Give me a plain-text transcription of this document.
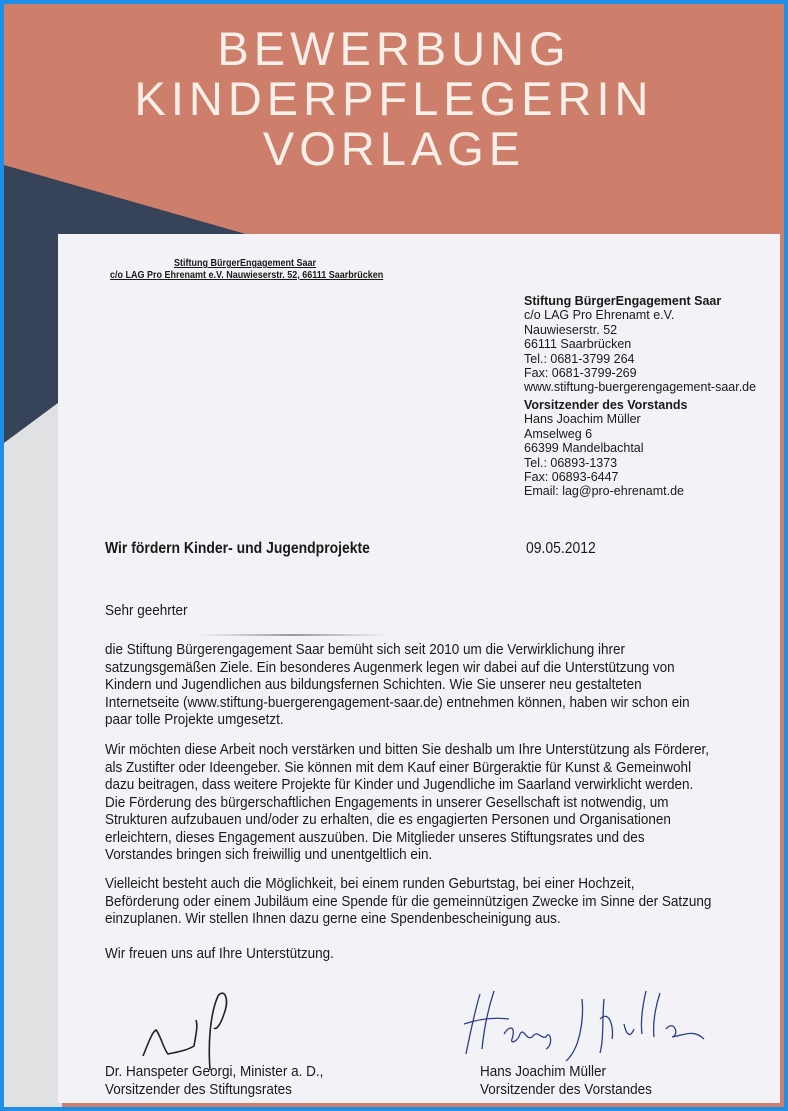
BEWERBUNG
KINDERPFLEGERIN
VORLAGE
Stiftung BürgerEngagement Saar
c/o LAG Pro Ehrenamt e.V. Nauwieserstr. 52, 66111 Saarbrücken
Stiftung BürgerEngagement Saar
c/o LAG Pro Ehrenamt e.V.
Nauwieserstr. 52
66111 Saarbrücken
Tel.: 0681-3799 264
Fax: 0681-3799-269
www.stiftung-buergerengagement-saar.de
Vorsitzender des Vorstands
Hans Joachim Müller
Amselweg 6
66399 Mandelbachtal
Tel.: 06893-1373
Fax: 06893-6447
Email: lag@pro-ehrenamt.de
Wir fördern Kinder- und Jugendprojekte	09.05.2012
Sehr geehrter
die Stiftung Bürgerengagement Saar bemüht sich seit 2010 um die Verwirklichung ihrer
satzungsgemäßen Ziele. Ein besonderes Augenmerk legen wir dabei auf die Unterstützung von
Kindern und Jugendlichen aus bildungsfernen Schichten. Wie Sie unserer neu gestalteten
Internetseite (www.stiftung-buergerengagement-saar.de) entnehmen können, haben wir schon ein
paar tolle Projekte umgesetzt.
Wir möchten diese Arbeit noch verstärken und bitten Sie deshalb um Ihre Unterstützung als Förderer,
als Zustifter oder Ideengeber. Sie können mit dem Kauf einer Bürgeraktie für Kunst & Gemeinwohl
dazu beitragen, dass weitere Projekte für Kinder und Jugendliche im Saarland verwirklicht werden.
Die Förderung des bürgerschaftlichen Engagements in unserer Gesellschaft ist notwendig, um
Strukturen aufzubauen und/oder zu erhalten, die es engagierten Personen und Organisationen
erleichtern, dieses Engagement auszuüben. Die Mitglieder unseres Stiftungsrates und des
Vorstandes bringen sich freiwillig und unentgeltlich ein.
Vielleicht besteht auch die Möglichkeit, bei einem runden Geburtstag, bei einer Hochzeit,
Beförderung oder einem Jubiläum eine Spende für die gemeinnützigen Zwecke im Sinne der Satzung
einzuplanen. Wir stellen Ihnen dazu gerne eine Spendenbescheinigung aus.
Wir freuen uns auf Ihre Unterstützung.
Dr. Hanspeter Georgi, Minister a. D.,
Vorsitzender des Stiftungsrates
Hans Joachim Müller
Vorsitzender des Vorstandes
